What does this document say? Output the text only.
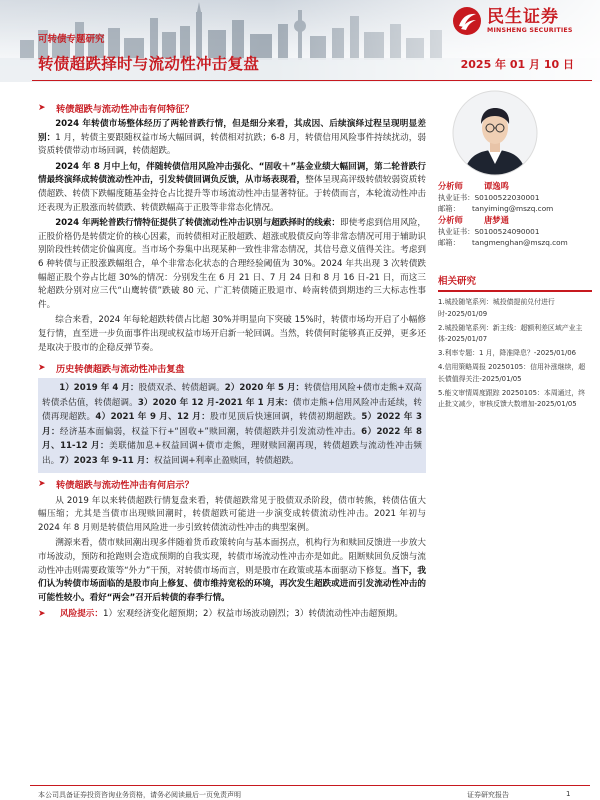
可转债专题研究
转债超跌择时与流动性冲击复盘	2025 年 01 月 10 日
民生证券
MINSHENG SECURITIES
➤ 转债超跌与流动性冲击有何特征？

2024 年转债市场整体经历了两轮普跌行情，但是细分来看，其成因、后续演绎过程呈现明显差别：1 月，转债主要跟随权益市场大幅回调，转债相对抗跌；6-8 月，转债信用风险事件持续扰动，弱资质转债带动市场回调，转债超跌。

2024 年 8 月中上旬，伴随转债信用风险冲击强化、“固收＋”基金业绩大幅回调，第二轮普跌行情最终演绎成转债流动性冲击，引发转债回调负反馈，从市场表现看，整体呈现高评级转债较弱资质转债超跌、转债下跌幅度随基金持仓占比提升等市场流动性冲击显著特征。于转债而言，本轮流动性冲击还表现为正股涨而转债跌、转债跌幅高于正股等非常态化情况。

2024 年两轮普跌行情特征提供了转债流动性冲击识别与超跌择时的线索：即使考虑到信用风险，正股价格仍是转债定价的核心因素，而转债相对正股超跌、超涨或股债反向等非常态情况可用于辅助识别阶段性转债定价偏离度。当市场个券集中出现某种一致性非常态情况，其信号意义值得关注。考虑到 6 种转债与正股涨跌幅组合，单个非常态化状态的合理经验阈值为 30%。2024 年共出现 3 次转债跌幅超正股个券占比超 30%的情况：分别发生在 6 月 21 日、7 月 24 日和 8 月 16 日-21 日，而这三轮超跌分别对应三代“山鹰转债”跌破 80 元、广汇转债随正股退市、岭南转债到期违约三大标志性事件。

综合来看，2024 年每轮超跌转债占比超 30%并明显向下突破 15%时，转债市场均开启了小幅修复行情，直至进一步负面事件出现或权益市场开启新一轮回调。当然，转债何时能够真正反弹，更多还是取决于股市的企稳反弹节奏。

➤ 历史转债超跌与流动性冲击复盘

1）2019 年 4 月：股债双杀、转债超调。2）2020 年 5 月：转债信用风险+债市走熊+双高转债杀估值，转债超调。3）2020 年 12 月-2021 年 1 月末：债市走熊+信用风险冲击延续，转债再现超跌。4）2021 年 9 月、12 月：股市见顶后快速回调，转债初期超跌。5）2022 年 3 月：经济基本面偏弱，权益下行+“固收+”赎回潮，转债超跌并引发流动性冲击。6）2022 年 8 月、11-12 月：美联储加息+权益回调+债市走熊，理财赎回潮再现，转债超跌与流动性冲击频出。7）2023 年 9-11 月：权益回调+利率止盈赎回，转债超跌。

➤ 转债超跌与流动性冲击有何启示？

从 2019 年以来转债超跌行情复盘来看，转债超跌常见于股债双杀阶段，债市转熊，转债估值大幅压缩；尤其是当债市出现赎回潮时，转债超跌可能进一步演变成转债流动性冲击。2021 年初与 2024 年 8 月则是转债信用风险进一步引致转债流动性冲击的典型案例。

溯源来看，债市赎回潮出现多伴随着货币政策转向与基本面拐点，机构行为和赎回反馈进一步放大市场波动，预防和抢跑则会造成预期的自我实现，转债市场流动性冲击亦是如此。阻断赎回负反馈与流动性冲击则需要政策等“外力”干预，对转债市场而言，则是股市在政策或基本面驱动下修复。当下，我们认为转债市场面临的是股市向上修复、债市维持宽松的环境，再次发生超跌或进而引发流动性冲击的可能性较小。看好“两会”召开后转债的春季行情。

➤	风险提示：1）宏观经济变化超预期；2）权益市场波动剧烈；3）转债流动性冲击超预期。
分析师	谭逸鸣
执业证书： S0100522030001
邮箱：	tanyiming@mszq.com
分析师	唐梦通
执业证书： S0100524090001
邮箱：	tangmenghan@mszq.com
相关研究
1.城投随笔系列：城投债提前兑付进行时-2025/01/09
2.城投随笔系列：新主线：超额利差区域产业主体-2025/01/07
3.利率专题：1 月，降准降息？-2025/01/06
4.信用策略周报 20250105：信用补涨继续，超长债值得关注-2025/01/05
5.能文审情周度跟踪 20250105：本周通过，终止批文减少，审核反馈大数增加-2025/01/05
本公司具备证券投资咨询业务资格，请务必阅读最后一页免责声明	证券研究报告	1
